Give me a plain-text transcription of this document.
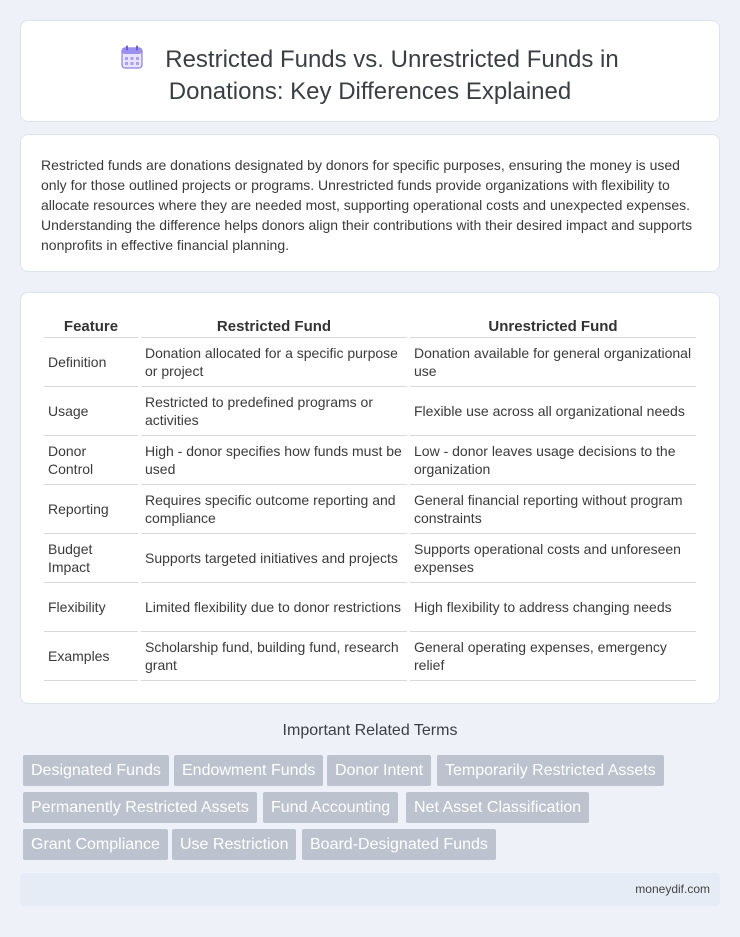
Restricted Funds vs. Unrestricted Funds in Donations: Key Differences Explained

Restricted funds are donations designated by donors for specific purposes, ensuring the money is used only for those outlined projects or programs. Unrestricted funds provide organizations with flexibility to allocate resources where they are needed most, supporting operational costs and unexpected expenses. Understanding the difference helps donors align their contributions with their desired impact and supports nonprofits in effective financial planning.

Feature	Restricted Fund	Unrestricted Fund
Definition	Donation allocated for a specific purpose or project	Donation available for general organizational use
Usage	Restricted to predefined programs or activities	Flexible use across all organizational needs
Donor Control	High - donor specifies how funds must be used	Low - donor leaves usage decisions to the organization
Reporting	Requires specific outcome reporting and compliance	General financial reporting without program constraints
Budget Impact	Supports targeted initiatives and projects	Supports operational costs and unforeseen expenses
Flexibility	Limited flexibility due to donor restrictions	High flexibility to address changing needs
Examples	Scholarship fund, building fund, research grant	General operating expenses, emergency relief
Important Related Terms
Designated Funds	Endowment Funds	Donor Intent	Temporarily Restricted Assets
Permanently Restricted Assets	Fund Accounting	Net Asset Classification
Grant Compliance	Use Restriction	Board-Designated Funds
moneydif.com
